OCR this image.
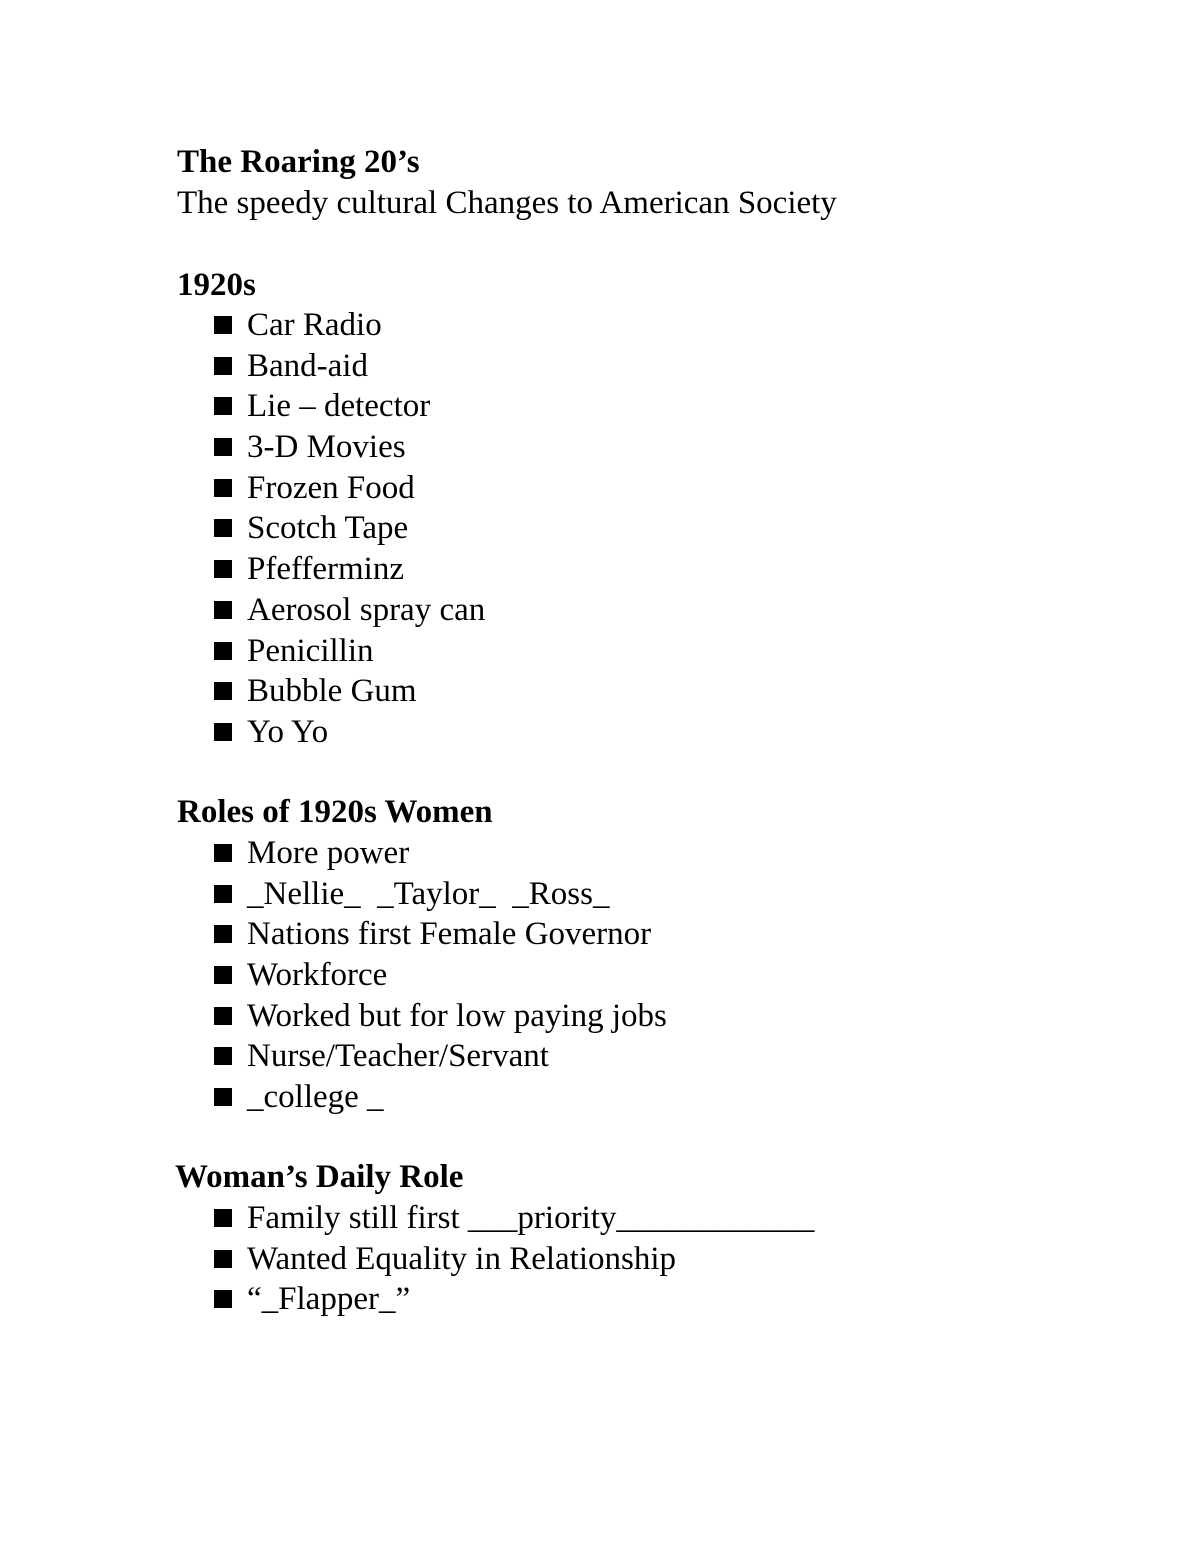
The Roaring 20’s

The speedy cultural Changes to American Society

1920s

Car Radio
Band-aid
Lie – detector
3-D Movies
Frozen Food
Scotch Tape
Pfefferminz
Aerosol spray can
Penicillin
Bubble Gum
Yo Yo

Roles of 1920s Women

More power
_Nellie_  _Taylor_  _Ross_
Nations first Female Governor
Workforce
Worked but for low paying jobs
Nurse/Teacher/Servant
_college _

Woman’s Daily Role

Family still first ___priority____________
Wanted Equality in Relationship
“_Flapper_”
